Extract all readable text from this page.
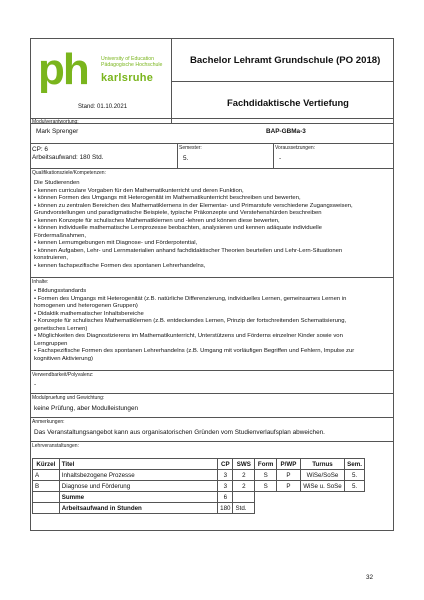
ph	University of Education
Pädagogische Hochschule
karlsruhe
Stand: 01.10.2021
Bachelor Lehramt Grundschule (PO 2018)
Fachdidaktische Vertiefung
Modulverantwortung:
Mark Sprenger	BAP-GBMa-3
CP: 6
Arbeitsaufwand: 180 Std.
Semester:
5.
Voraussetzungen:
-
Qualifikationsziele/Kompetenzen:
Die Studierenden
• kennen curriculare Vorgaben für den Mathematikunterricht und deren Funktion,
• können Formen des Umgangs mit Heterogenität im Mathematikunterricht beschreiben und bewerten,
• können zu zentralen Bereichen des Mathematiklernens in der Elementar- und Primarstufe verschiedene Zugangsweisen,
Grundvorstellungen und paradigmatische Beispiele, typische Präkonzepte und Verstehenshürden beschreiben
• kennen Konzepte für schulisches Mathematiklernen und -lehren und können diese bewerten,
• können individuelle mathematische Lernprozesse beobachten, analysieren und kennen adäquate individuelle
Fördermaßnahmen,
• kennen Lernumgebungen mit Diagnose- und Förderpotential,
• können Aufgaben, Lehr- und Lernmaterialien anhand fachdidaktischer Theorien beurteilen und Lehr-Lern-Situationen
konstruieren,
• kennen fachspezifische Formen des spontanen Lehrerhandelns,
Inhalte:
• Bildungsstandards
• Formen des Umgangs mit Heterogenität (z.B. natürliche Differenzierung, individuelles Lernen, gemeinsames Lernen in
homogenen und heterogenen Gruppen)
• Didaktik mathematischer Inhaltsbereiche
• Konzepte für schulisches Mathematiklernen (z.B. entdeckendes Lernen, Prinzip der fortschreitenden Schematisierung,
genetisches Lernen)
• Möglichkeiten des Diagnostizierens im Mathematikunterricht, Unterstützens und Förderns einzelner Kinder sowie von
Lerngruppen
• Fachspezifische Formen des spontanen Lehrerhandelns (z.B. Umgang mit vorläufigen Begriffen und Fehlern, Impulse zur
kognitiven Aktivierung)
Verwendbarkeit/Polyvalenz:
-
Modulpruefung und Gewichtung:
keine Prüfung, aber Modulleistungen
Anmerkungen:
Das Veranstaltungsangebot kann aus organisatorischen Gründen vom Studienverlaufsplan abweichen.
Lehrveranstaltungen:
Kürzel	Titel	CP	SWS	Form	P/WP	Turnus	Sem.
A	Inhaltsbezogene Prozesse	3	2	S	P	WiSe/SoSe	5.
B	Diagnose und Förderung	3	2	S	P	WiSe u. SoSe	5.
	Summe	6					
	Arbeitsaufwand in Stunden	180	Std.				
32
